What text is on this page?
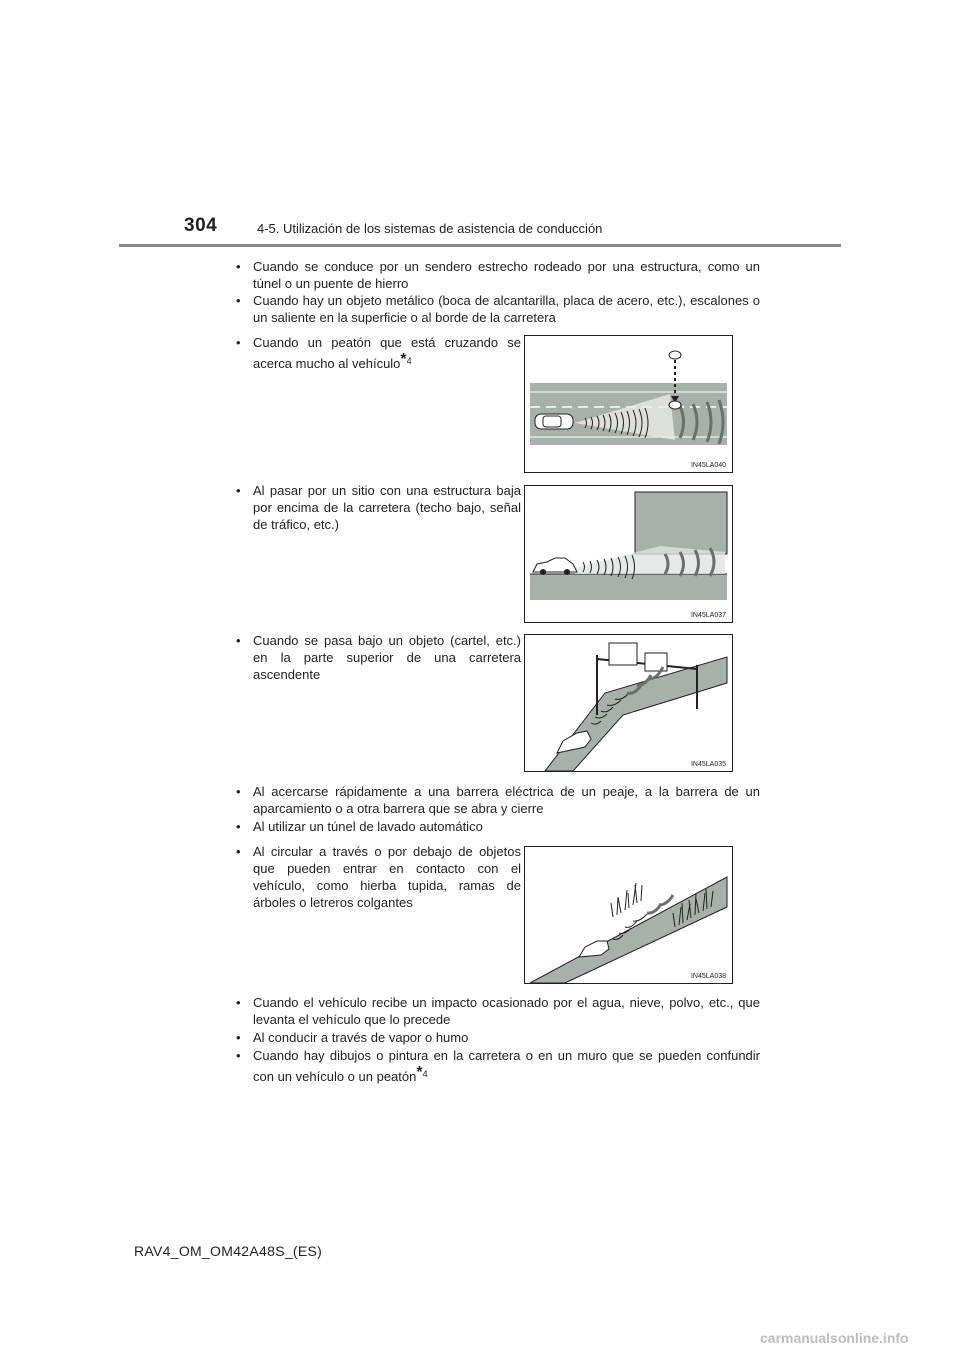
304	4-5. Utilización de los sistemas de asistencia de conducción
• Cuando se conduce por un sendero estrecho rodeado por una estructura, como un túnel o un puente de hierro
• Cuando hay un objeto metálico (boca de alcantarilla, placa de acero, etc.), escalones o un saliente en la superficie o al borde de la carretera
• Cuando un peatón que está cruzando se acerca mucho al vehículo*$^4$
IN45LA040
• Al pasar por un sitio con una estructura baja por encima de la carretera (techo bajo, señal de tráfico, etc.)
IN45LA037
• Cuando se pasa bajo un objeto (cartel, etc.) en la parte superior de una carretera ascendente
IN45LA035
• Al acercarse rápidamente a una barrera eléctrica de un peaje, a la barrera de un aparcamiento o a otra barrera que se abra y cierre
• Al utilizar un túnel de lavado automático
• Al circular a través o por debajo de objetos que pueden entrar en contacto con el vehículo, como hierba tupida, ramas de árboles o letreros colgantes
IN45LA038
• Cuando el vehículo recibe un impacto ocasionado por el agua, nieve, polvo, etc., que levanta el vehículo que lo precede
• Al conducir a través de vapor o humo
• Cuando hay dibujos o pintura en la carretera o en un muro que se pueden confundir con un vehículo o un peatón*$^4$
RAV4_OM_OM42A48S_(ES)
carmanualsonline.info
